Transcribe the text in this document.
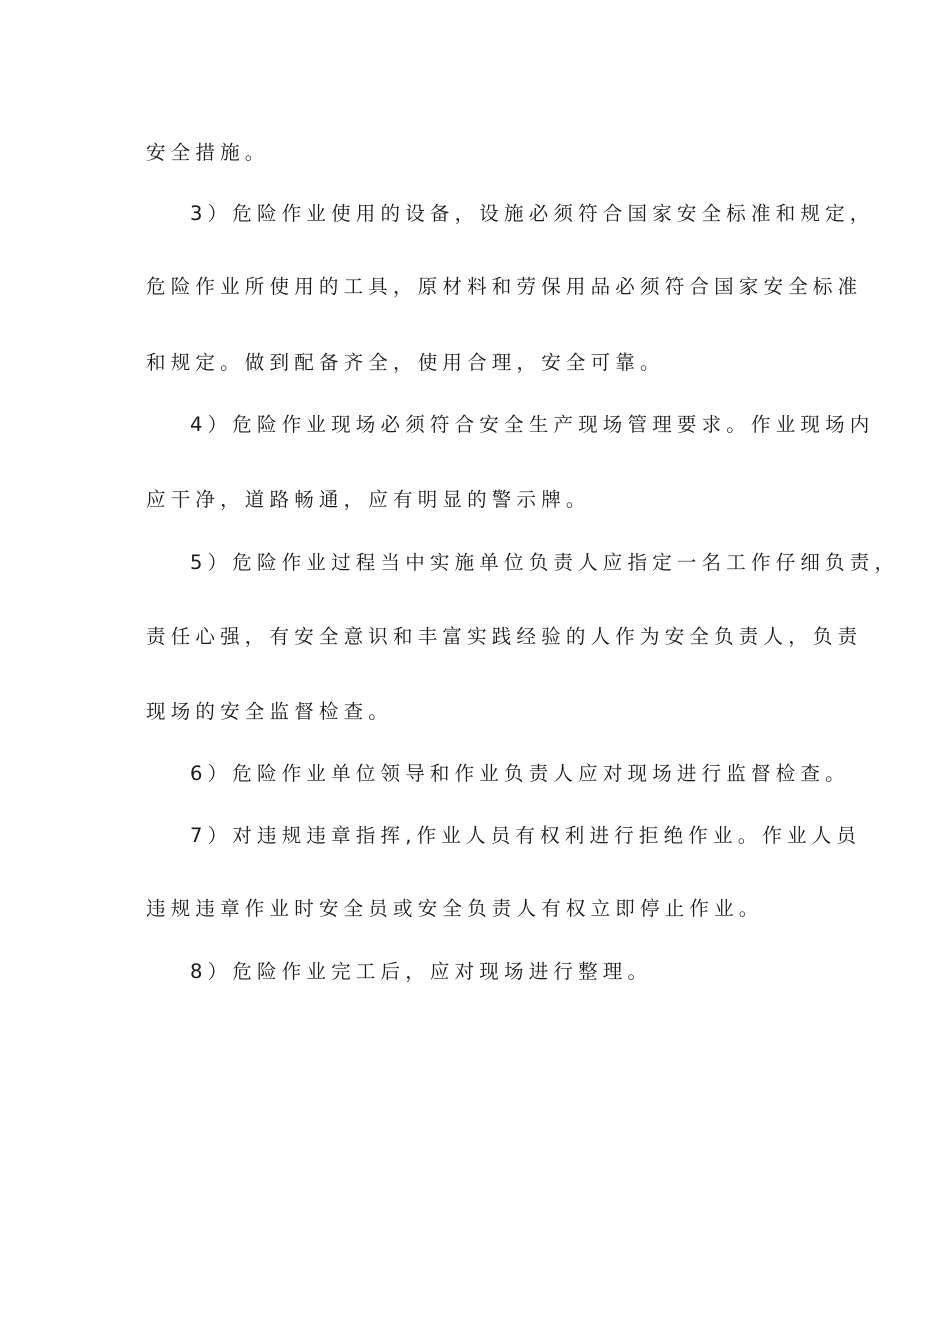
安全措施。
3）危险作业使用的设备，设施必须符合国家安全标准和规定，
危险作业所使用的工具，原材料和劳保用品必须符合国家安全标准
和规定。做到配备齐全，使用合理，安全可靠。
4）危险作业现场必须符合安全生产现场管理要求。作业现场内
应干净，道路畅通，应有明显的警示牌。
5）危险作业过程当中实施单位负责人应指定一名工作仔细负责，
责任心强，有安全意识和丰富实践经验的人作为安全负责人，负责
现场的安全监督检查。
6）危险作业单位领导和作业负责人应对现场进行监督检查。
7）对违规违章指挥,作业人员有权利进行拒绝作业。作业人员
违规违章作业时安全员或安全负责人有权立即停止作业。
8）危险作业完工后，应对现场进行整理。
